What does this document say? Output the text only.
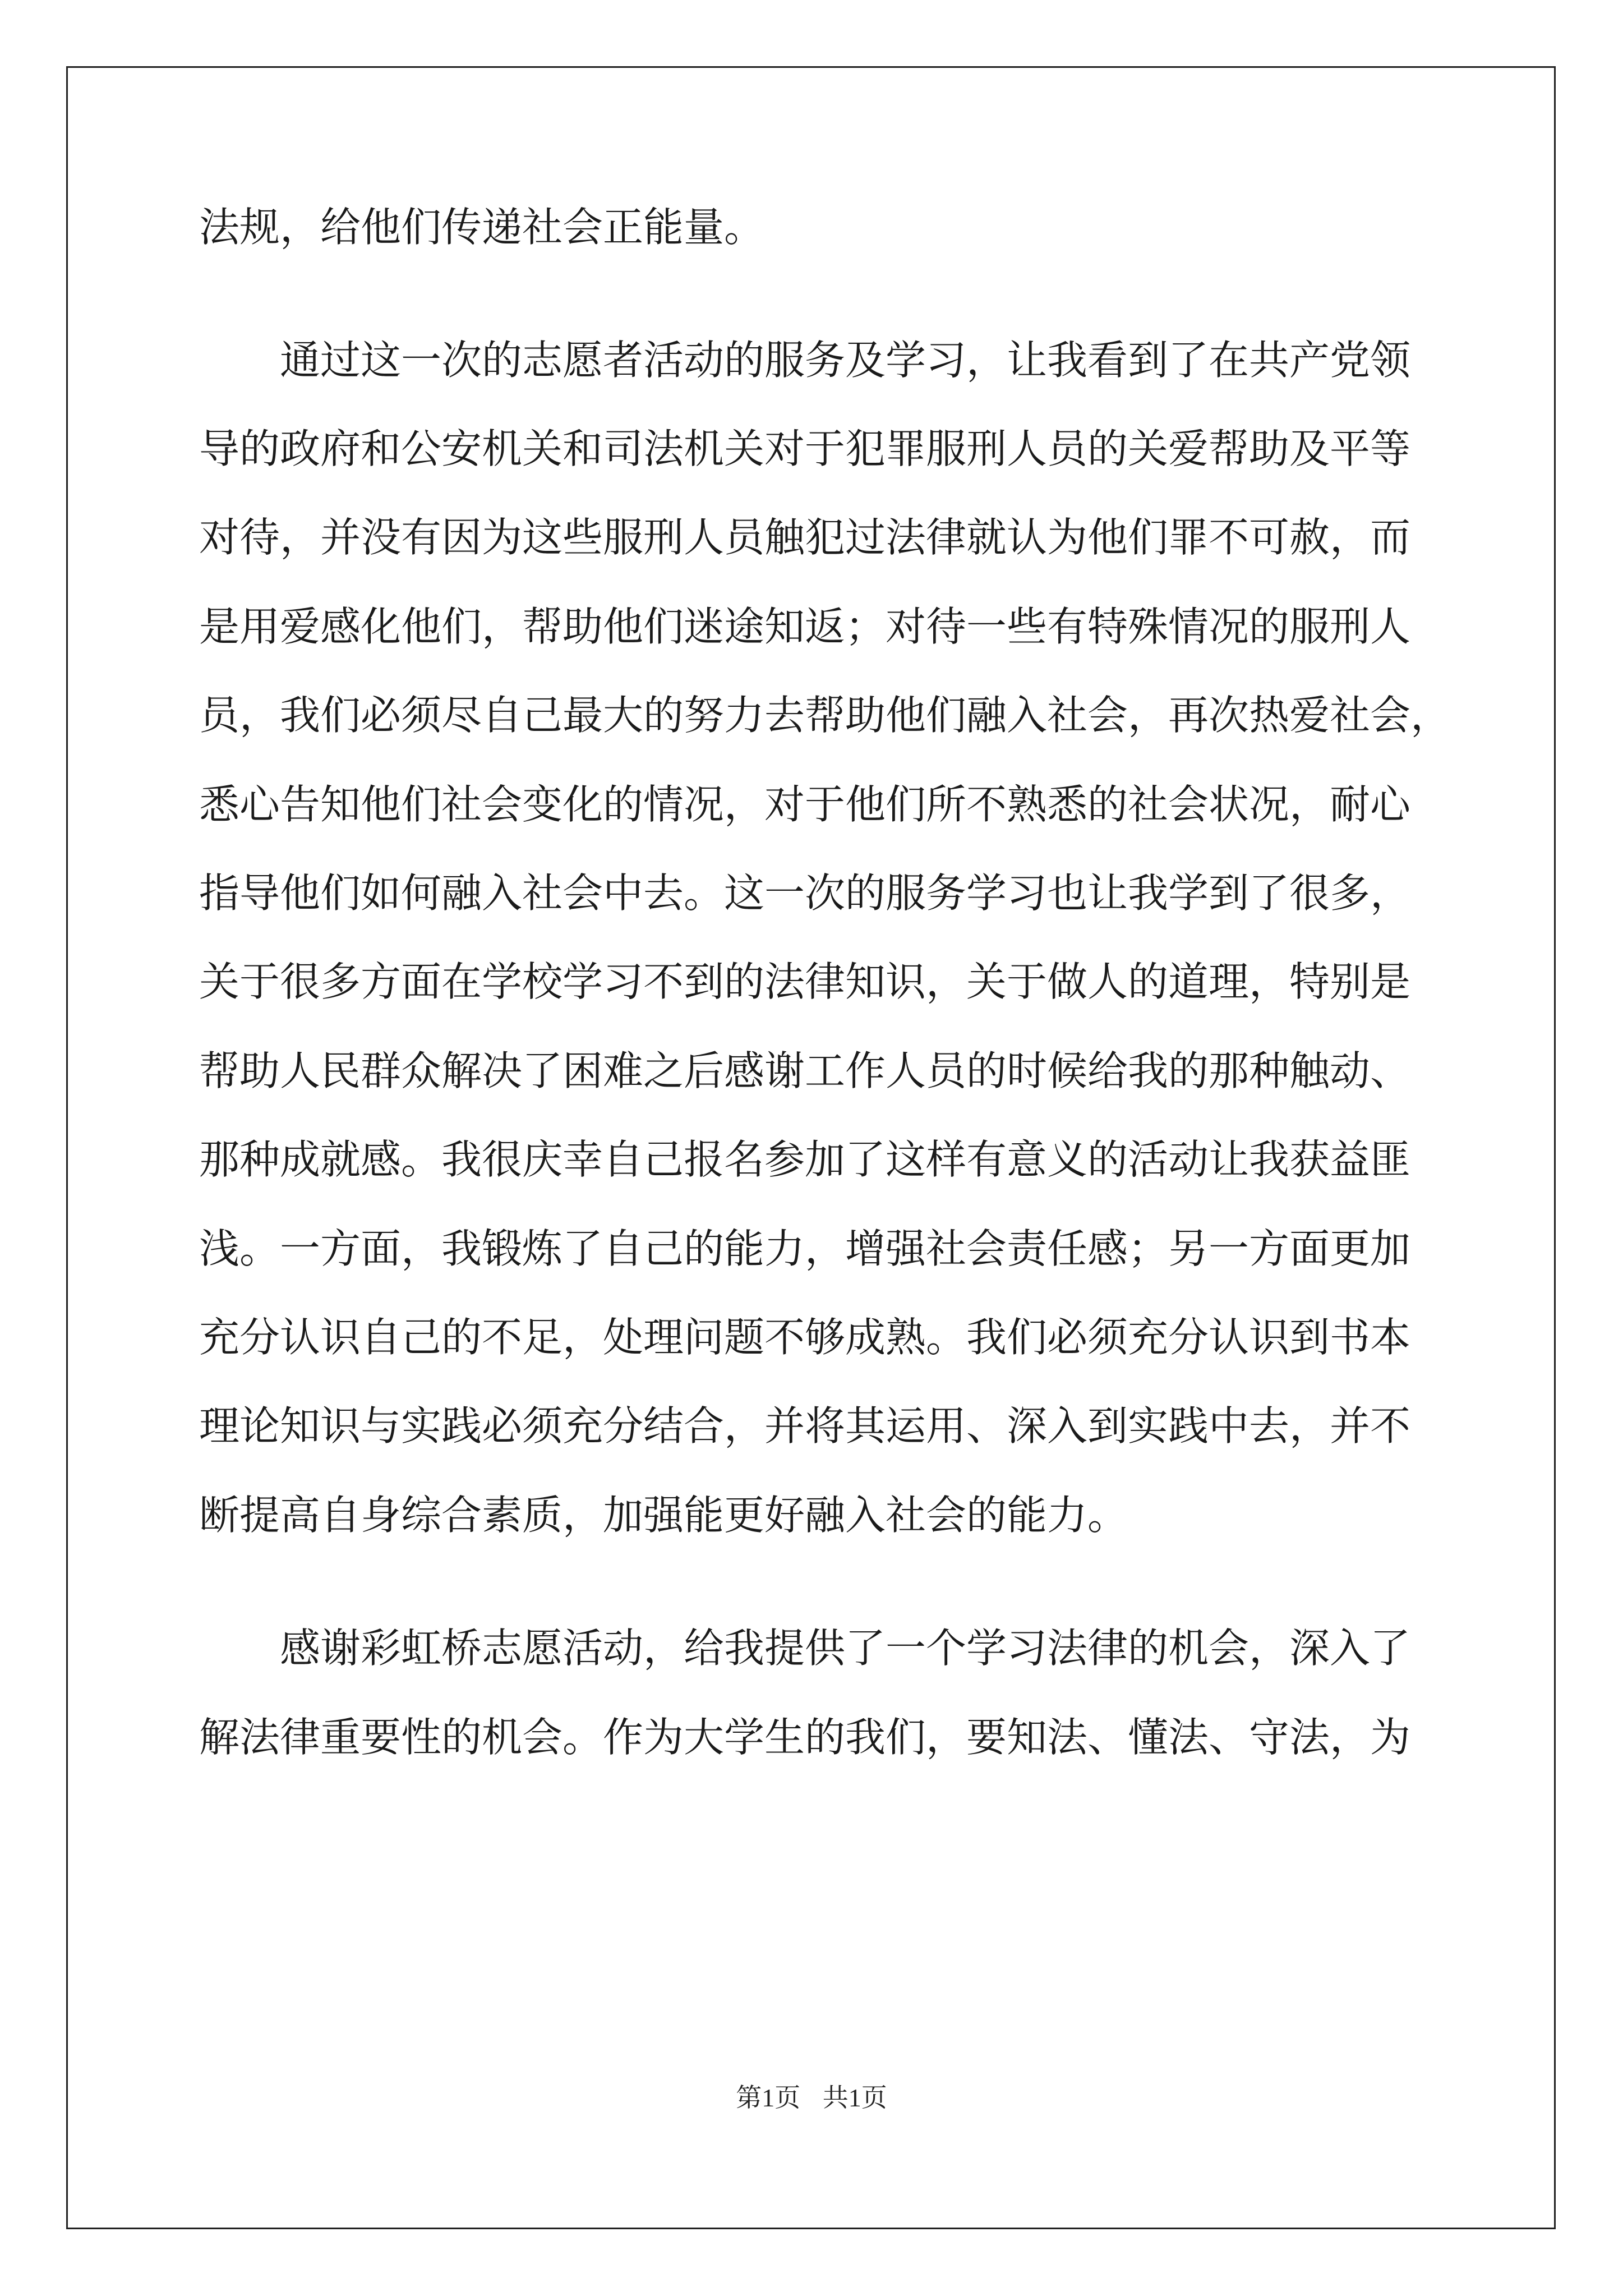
法规，给他们传递社会正能量。
通过这一次的志愿者活动的服务及学习，让我看到了在共产党领
导的政府和公安机关和司法机关对于犯罪服刑人员的关爱帮助及平等
对待，并没有因为这些服刑人员触犯过法律就认为他们罪不可赦，而
是用爱感化他们，帮助他们迷途知返；对待一些有特殊情况的服刑人
员，我们必须尽自己最大的努力去帮助他们融入社会，再次热爱社会，
悉心告知他们社会变化的情况，对于他们所不熟悉的社会状况，耐心
指导他们如何融入社会中去。这一次的服务学习也让我学到了很多，
关于很多方面在学校学习不到的法律知识，关于做人的道理，特别是
帮助人民群众解决了困难之后感谢工作人员的时候给我的那种触动、
那种成就感。我很庆幸自己报名参加了这样有意义的活动让我获益匪
浅。一方面，我锻炼了自己的能力，增强社会责任感；另一方面更加
充分认识自己的不足，处理问题不够成熟。我们必须充分认识到书本
理论知识与实践必须充分结合，并将其运用、深入到实践中去，并不
断提高自身综合素质，加强能更好融入社会的能力。
感谢彩虹桥志愿活动，给我提供了一个学习法律的机会，深入了
解法律重要性的机会。作为大学生的我们，要知法、懂法、守法，为
第1页 共1页
